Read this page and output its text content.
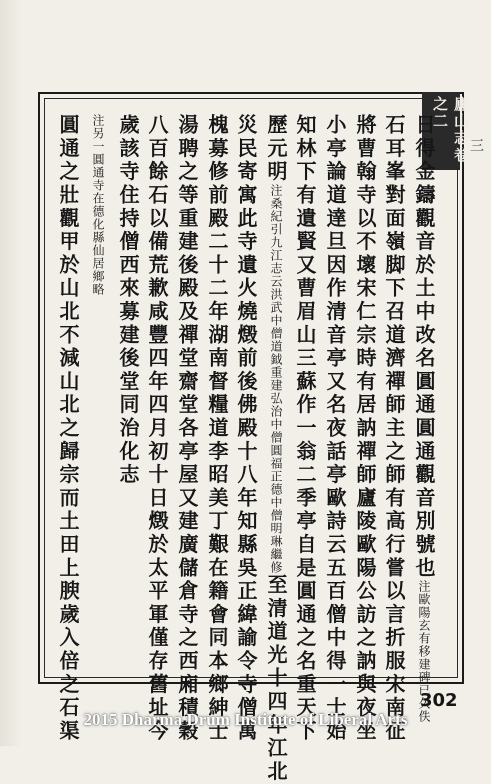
廬山志卷之二
三
日得金鑄觀音於土中改名圓通圓通觀音別號也注歐陽玄有移建碑已久佚
石耳峯對面嶺脚下召道濟禪師主之師有高行嘗以言折服宋南征
將曹翰寺以不壞宋仁宗時有居訥禪師廬陵歐陽公訪之訥與夜坐
小亭論道達旦因作清音亭又名夜話亭歐詩云五百僧中得一士始
知林下有遺賢又曹眉山三蘇作一翁二季亭自是圓通之名重天下
歷元明注桑紀引九江志云洪武中僧道鉞重建弘治中僧圓福正德中僧明琳繼修至清道光十四年江北
災民寄寓此寺遺火燒燬前後佛殿十八年知縣吳正緯諭令寺僧萬
槐募修前殿二十二年湖南督糧道李昭美丁艱在籍會同本鄉紳士
湯聘之等重建後殿及禪堂齋堂各亭屋又建廣儲倉寺之西廂積穀
八百餘石以備荒歉咸豐四年四月初十日燬於太平軍僅存舊址今
歲該寺住持僧西來募建後堂同治化志
注另一圓通寺在德化縣仙居鄉略
圓通之壯觀甲於山北不減山北之歸宗而土田上腴歲入倍之石渠	302
2015 Dharma Drum Institute of Liberal Arts
